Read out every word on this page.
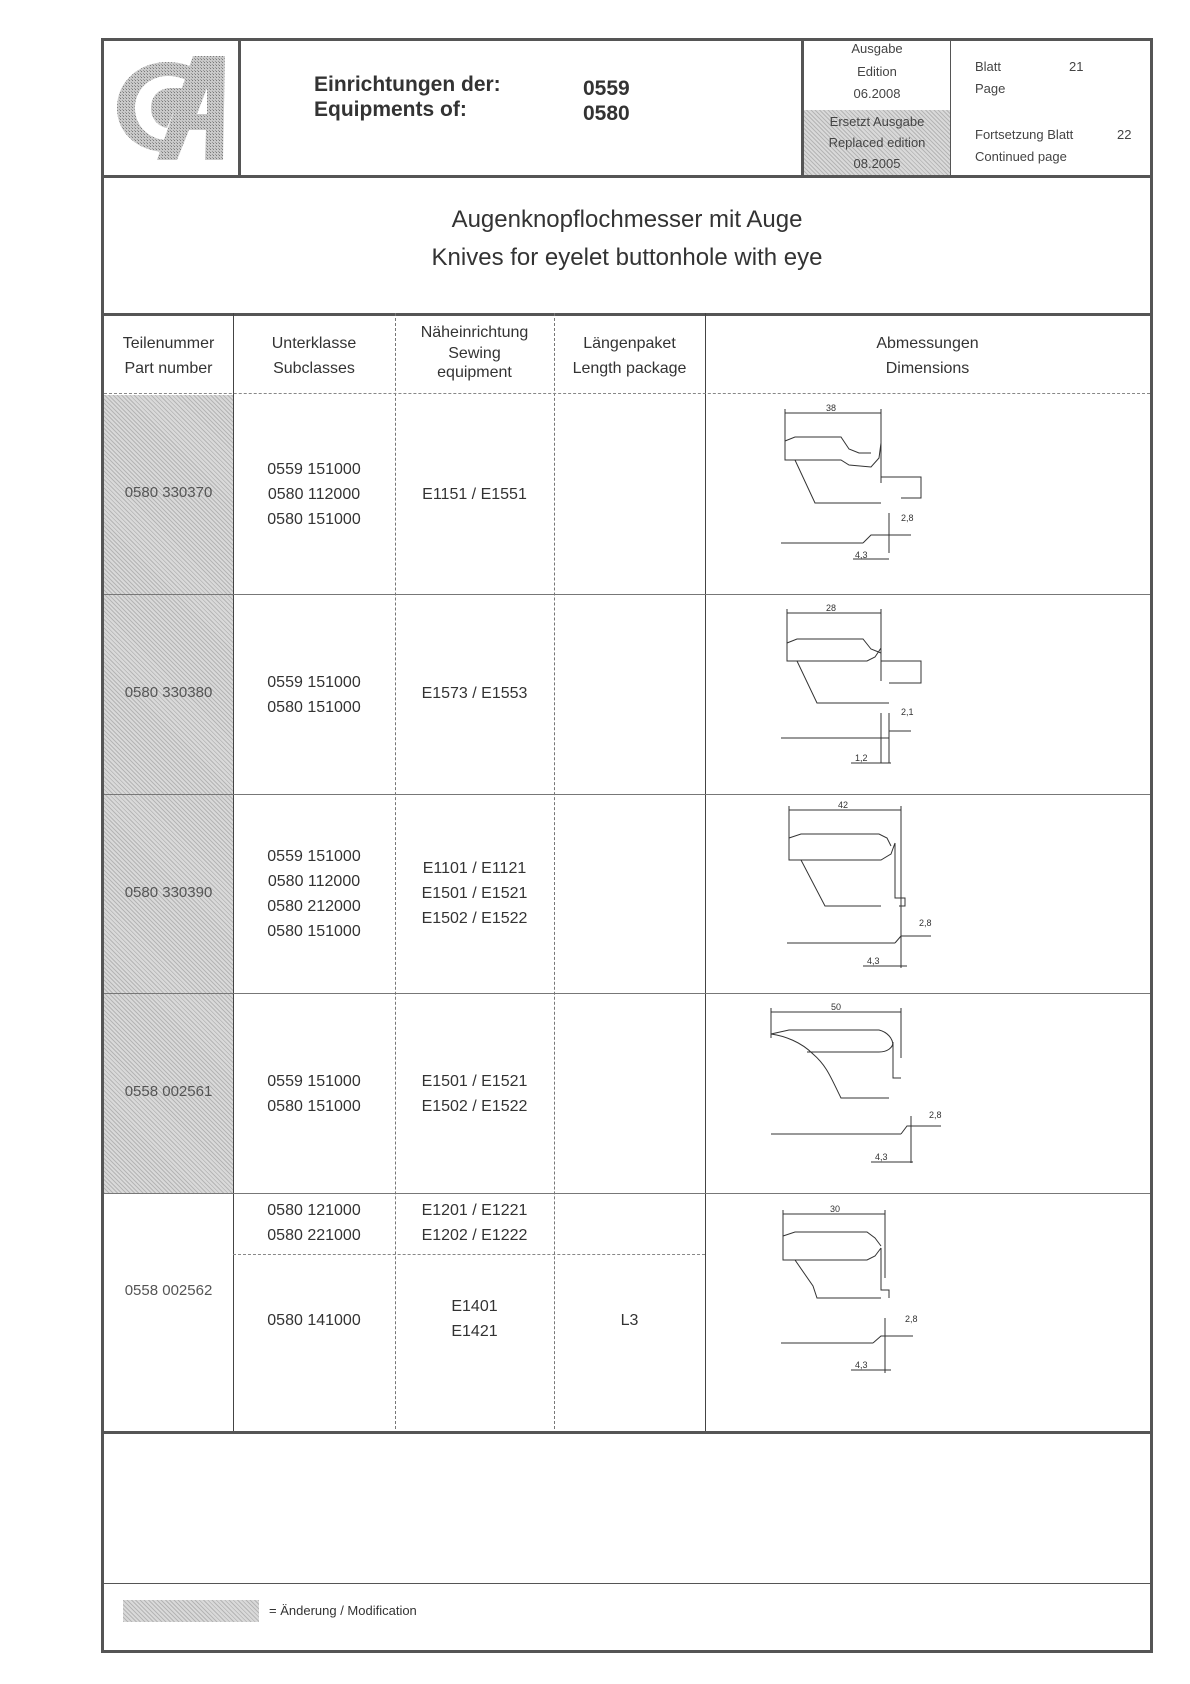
Einrichtungen der:
Equipments of:
0559
0580
Ausgabe
Edition
06.2008
Ersetzt Ausgabe
Replaced edition
08.2005
Blatt
Page
21
Fortsetzung Blatt
Continued page
22
Augenknopflochmesser mit Auge
Knives for eyelet buttonhole with eye
Teilenummer
Part number
Unterklasse
Subclasses
Näheinrichtung
Sewing
equipment
Längenpaket
Length package
Abmessungen
Dimensions
0580 330370
0559 151000
0580 112000
0580 151000
E1151 / E1551
0580 330380
0559 151000
0580 151000
E1573 / E1553
0580 330390
0559 151000
0580 112000
0580 212000
0580 151000
E1101 / E1121
E1501 / E1521
E1502 / E1522
0558 002561
0559 151000
0580 151000
E1501 / E1521
E1502 / E1522
0558 002562
0580 121000
0580 221000
E1201 / E1221
E1202 / E1222
0580 141000
E1401
E1421
L3
38
2,8
4,3
28
2,1
1,2
42
2,8
4,3
50
2,8
4,3
30
2,8
4,3
= Änderung / Modification
